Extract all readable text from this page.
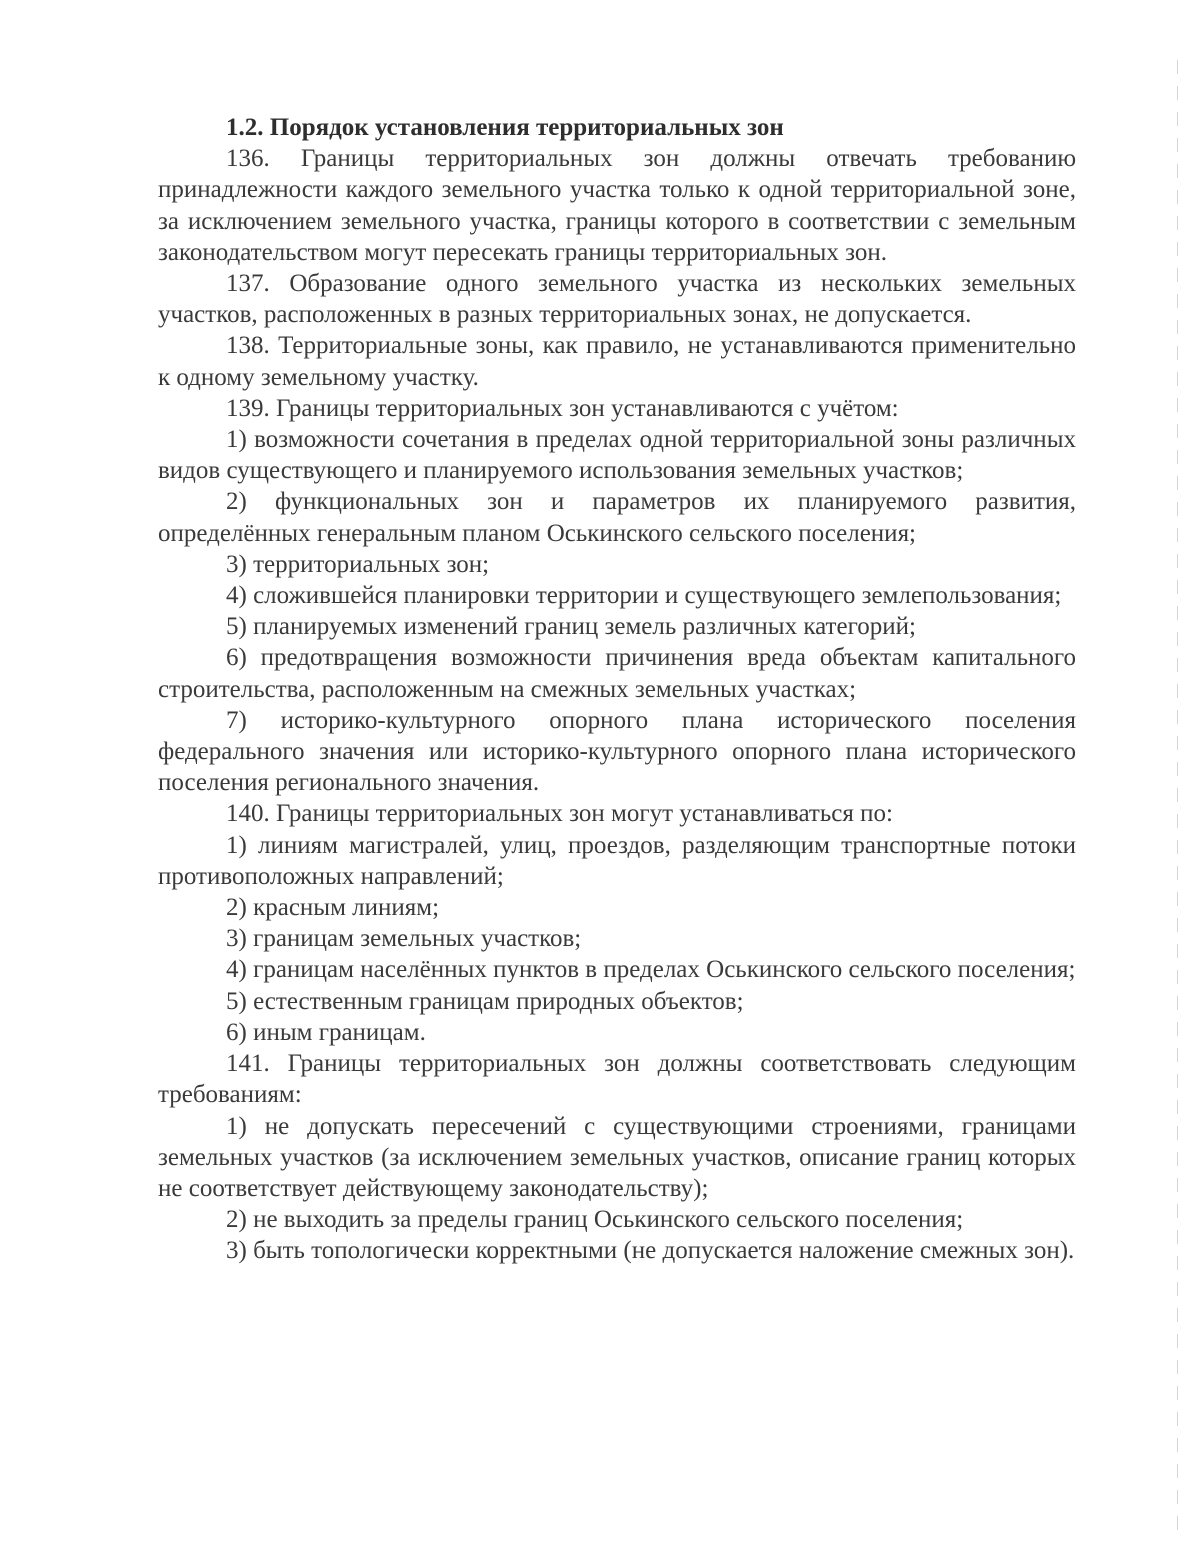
1.2. Порядок установления территориальных зон

136. Границы территориальных зон должны отвечать требованию принадлежности каждого земельного участка только к одной территориальной зоне, за исключением земельного участка, границы которого в соответствии с земельным законодательством могут пересекать границы территориальных зон.

137. Образование одного земельного участка из нескольких земельных участков, расположенных в разных территориальных зонах, не допускается.

138. Территориальные зоны, как правило, не устанавливаются применительно к одному земельному участку.

139. Границы территориальных зон устанавливаются с учётом:

1) возможности сочетания в пределах одной территориальной зоны различных видов существующего и планируемого использования земельных участков;

2) функциональных зон и параметров их планируемого развития, определённых генеральным планом Оськинского сельского поселения;

3) территориальных зон;

4) сложившейся планировки территории и существующего землепользования;

5) планируемых изменений границ земель различных категорий;

6) предотвращения возможности причинения вреда объектам капитального строительства, расположенным на смежных земельных участках;

7) историко-культурного опорного плана исторического поселения федерального значения или историко-культурного опорного плана исторического поселения регионального значения.

140. Границы территориальных зон могут устанавливаться по:

1) линиям магистралей, улиц, проездов, разделяющим транспортные потоки противоположных направлений;

2) красным линиям;

3) границам земельных участков;

4) границам населённых пунктов в пределах Оськинского сельского поселения;

5) естественным границам природных объектов;

6) иным границам.

141. Границы территориальных зон должны соответствовать следующим требованиям:

1) не допускать пересечений с существующими строениями, границами земельных участков (за исключением земельных участков, описание границ которых не соответствует действующему законодательству);

2) не выходить за пределы границ Оськинского сельского поселения;

3) быть топологически корректными (не допускается наложение смежных зон).
